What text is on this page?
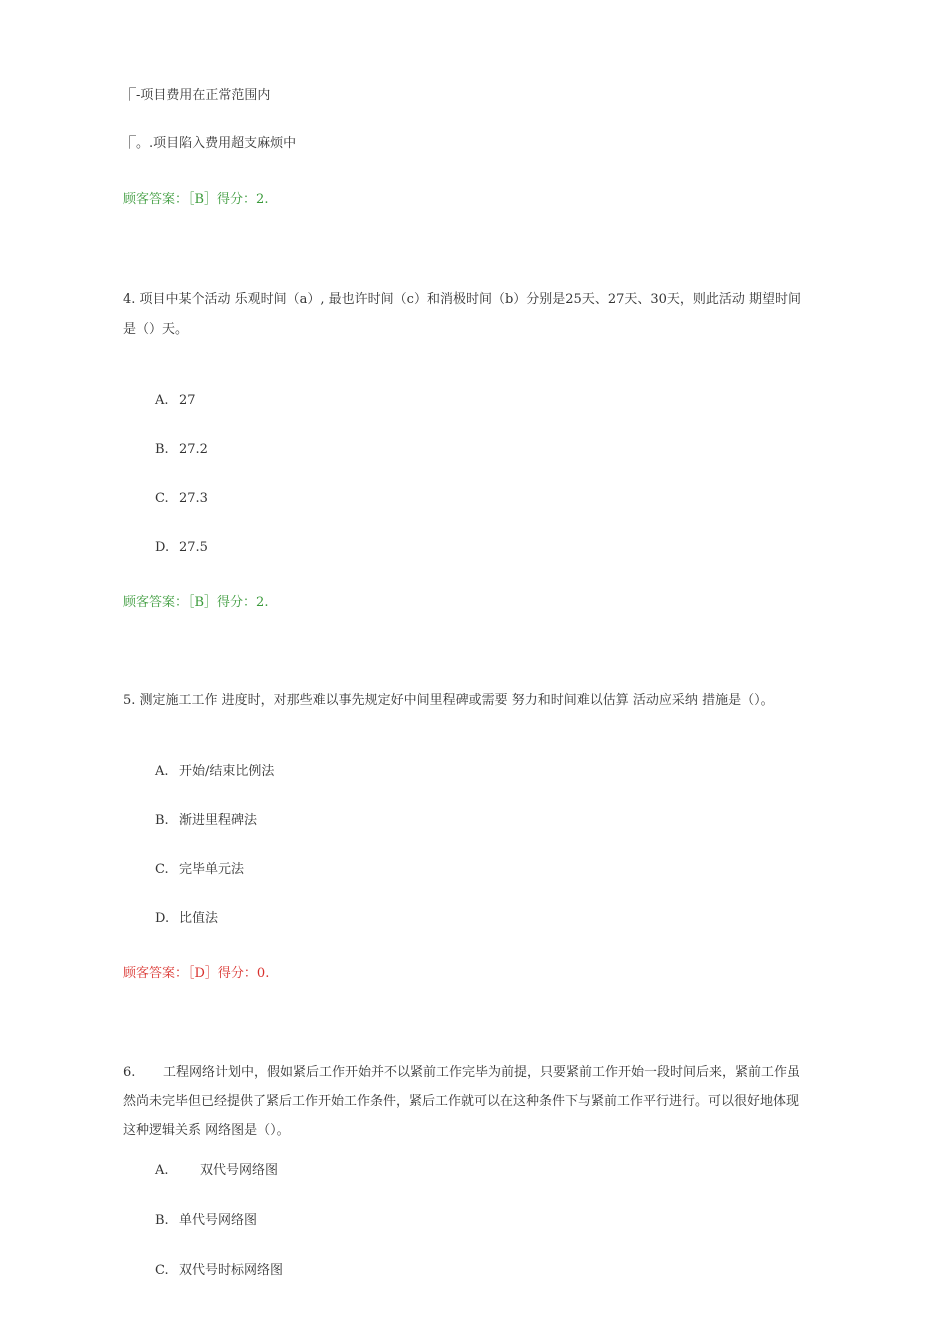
⎾-项目费用在正常范围内
⎾。.项目陷入费用超支麻烦中
顾客答案：［B］得分：2.
4. 项目中某个活动 乐观时间（a）, 最也许时间（c）和消极时间（b）分别是25天、27天、30天，则此活动 期望时间
是（）天。
A. 27
B. 27.2
C. 27.3
D. 27.5
顾客答案：［B］得分：2.
5. 测定施工工作 进度时，对那些难以事先规定好中间里程碑或需要 努力和时间难以估算 活动应采纳 措施是（）。
A. 开始/结束比例法
B. 渐进里程碑法
C. 完毕单元法
D. 比值法
顾客答案：［D］得分：0.
6. 工程网络计划中，假如紧后工作开始并不以紧前工作完毕为前提，只要紧前工作开始一段时间后来，紧前工作虽
然尚未完毕但已经提供了紧后工作开始工作条件，紧后工作就可以在这种条件下与紧前工作平行进行。可以很好地体现
这种逻辑关系 网络图是（）。
A. 双代号网络图
B. 单代号网络图
C. 双代号时标网络图
